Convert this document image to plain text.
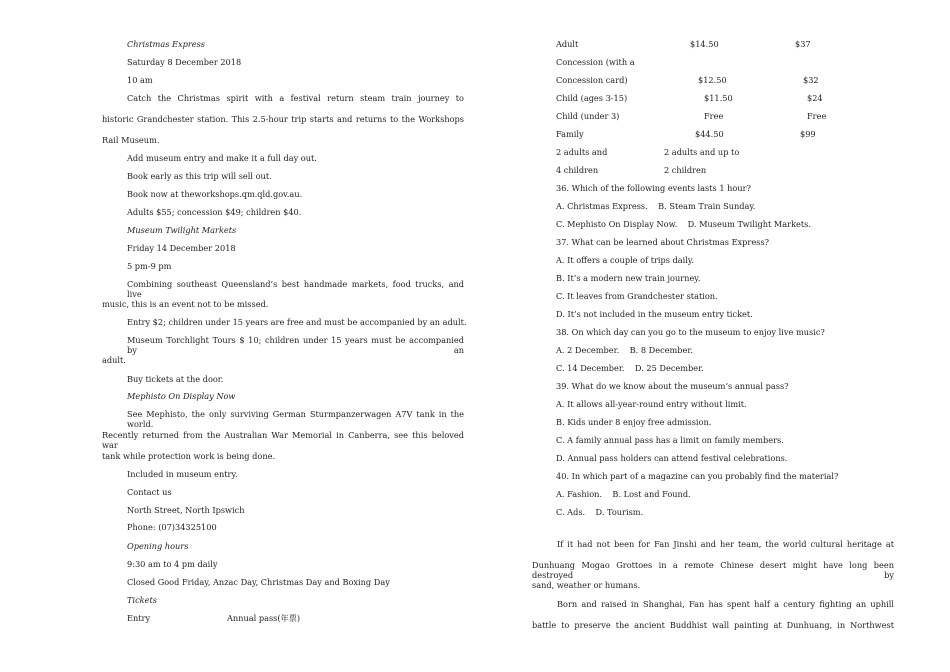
Christmas Express
Saturday 8 December 2018
10 am
Catch the Christmas spirit with a festival return steam train journey to
historic Grandchester station. This 2.5-hour trip starts and returns to the Workshops
Rail Museum.
Add museum entry and make it a full day out.
Book early as this trip will sell out.
Book now at theworkshops.qm.qld.gov.au.
Adults $55; concession $49; children $40.
Museum Twilight Markets
Friday 14 December 2018
5 pm-9 pm
Combining southeast Queensland’s best handmade markets, food trucks, and live
music, this is an event not to be missed.
Entry $2; children under 15 years are free and must be accompanied by an adult.
Museum Torchlight Tours $ 10; children under 15 years must be accompanied by an
adult.
Buy tickets at the door.
Mephisto On Display Now
See Mephisto, the only surviving German Sturmpanzerwagen A7V tank in the world.
Recently returned from the Australian War Memorial in Canberra, see this beloved war
tank while protection work is being done.
Included in museum entry.
Contact us
North Street, North Ipswich
Phone: (07)34325100
Opening hours
9:30 am to 4 pm daily
Closed Good Friday, Anzac Day, Christmas Day and Boxing Day
Tickets
Entry	Annual pass(年票)
Adult	$14.50	$37
Concession (with a
Concession card)	$12.50	$32
Child (ages 3-15)	$11.50	$24
Child (under 3)	Free	Free
Family	$44.50	$99
2 adults and	2 adults and up to
4 children	2 children
36. Which of the following events lasts 1 hour?
A. Christmas Express.    B. Steam Train Sunday.
C. Mephisto On Display Now.    D. Museum Twilight Markets.
37. What can be learned about Christmas Express?
A. It offers a couple of trips daily.
B. It’s a modern new train journey.
C. It leaves from Grandchester station.
D. It’s not included in the museum entry ticket.
38. On which day can you go to the museum to enjoy live music?
A. 2 December.    B. 8 December.
C. 14 December.    D. 25 December.
39. What do we know about the museum’s annual pass?
A. It allows all-year-round entry without limit.
B. Kids under 8 enjoy free admission.
C. A family annual pass has a limit on family members.
D. Annual pass holders can attend festival celebrations.
40. In which part of a magazine can you probably find the material?
A. Fashion.    B. Lost and Found.
C. Ads.    D. Tourism.
If it had not been for Fan Jinshi and her team, the world cultural heritage at
Dunhuang Mogao Grottoes in a remote Chinese desert might have long been destroyed by
sand, weather or humans.
Born and raised in Shanghai, Fan has spent half a century fighting an uphill
battle to preserve the ancient Buddhist wall painting at Dunhuang, in Northwest
